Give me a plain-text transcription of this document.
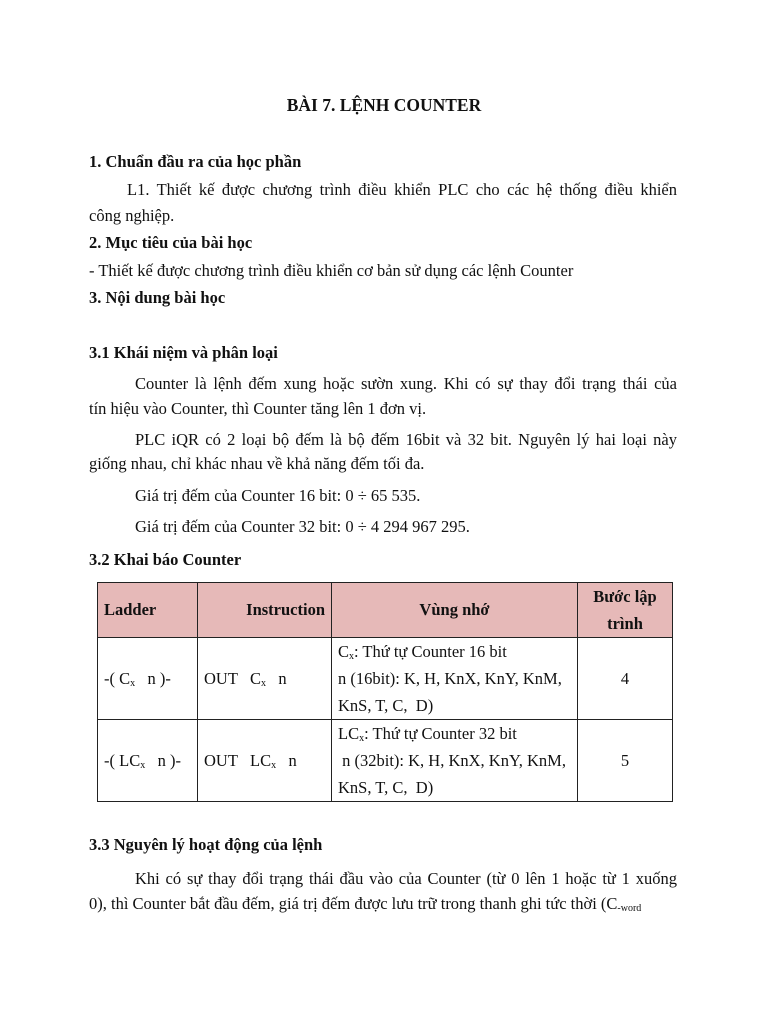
BÀI 7. LỆNH COUNTER
1. Chuẩn đầu ra của học phần
L1. Thiết kế được chương trình điều khiển PLC cho các hệ thống điều khiển
công nghiệp.
2. Mục tiêu của bài học
- Thiết kế được chương trình điều khiển cơ bản sử dụng các lệnh Counter
3. Nội dung bài học
3.1 Khái niệm và phân loại
Counter là lệnh đếm xung hoặc sườn xung. Khi có sự thay đổi trạng thái của
tín hiệu vào Counter, thì Counter tăng lên 1 đơn vị.
PLC iQR có 2 loại bộ đếm là bộ đếm 16bit và 32 bit. Nguyên lý hai loại này
giống nhau, chỉ khác nhau về khả năng đếm tối đa.
Giá trị đếm của Counter 16 bit: 0 ÷ 65 535.
Giá trị đếm của Counter 32 bit: 0 ÷ 4 294 967 295.
3.2 Khai báo Counter
Ladder	Instruction	Vùng nhớ	Bước lập
trình
-( $C_x$   n )-	OUT   $C_x$   n	$C_x$: Thứ tự Counter 16 bit
n (16bit): K, H, KnX, KnY, KnM,
KnS, T, C,  D)	4
-( $LC_x$   n )-	OUT   $LC_x$   n	$LC_x$: Thứ tự Counter 32 bit
n (32bit): K, H, KnX, KnY, KnM,
KnS, T, C,  D)	5
3.3 Nguyên lý hoạt động của lệnh
Khi có sự thay đổi trạng thái đầu vào của Counter (từ 0 lên 1 hoặc từ 1 xuống
0), thì Counter bắt đầu đếm, giá trị đếm được lưu trữ trong thanh ghi tức thời ($C_{-word}$
